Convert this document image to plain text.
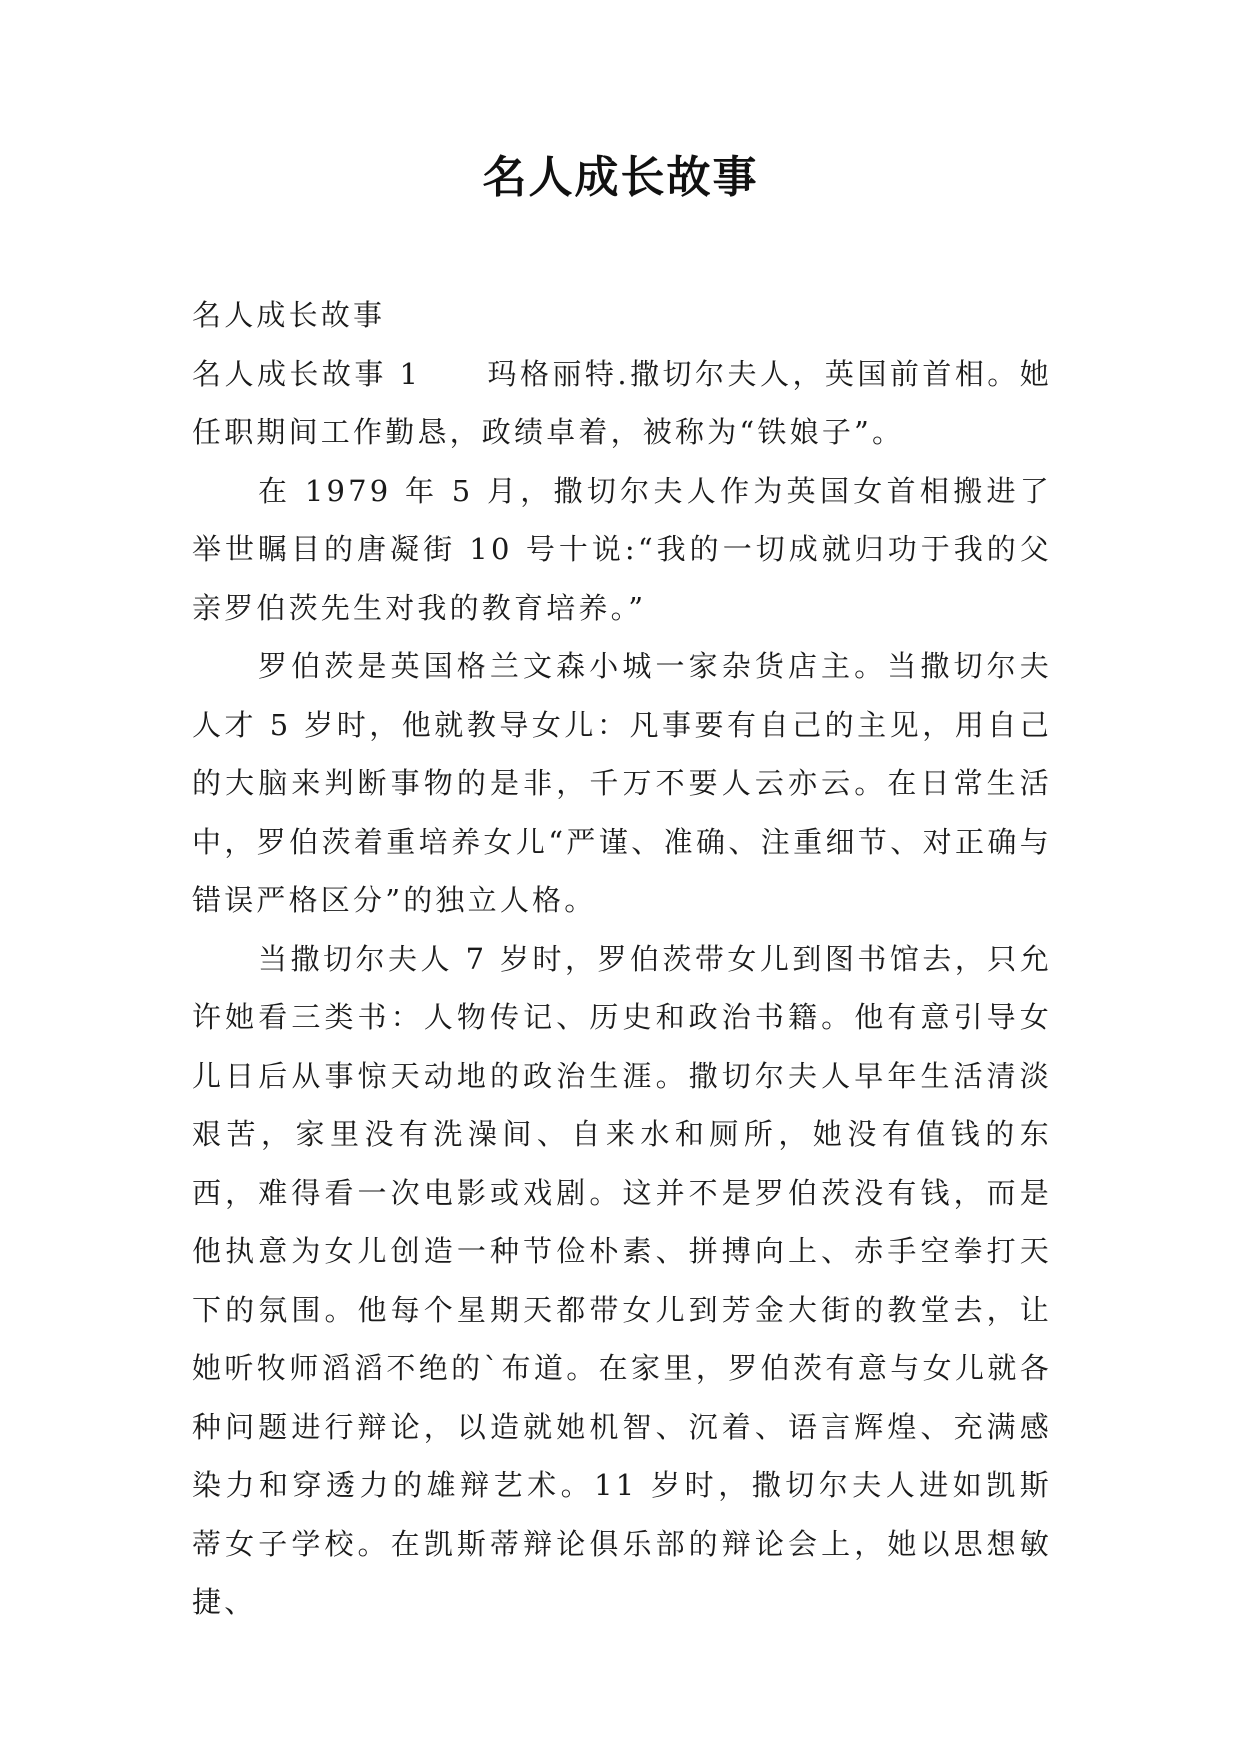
名人成长故事

名人成长故事

名人成长故事 1 玛格丽特.撒切尔夫人，英国前首相。她任职期间工作勤恳，政绩卓着，被称为“铁娘子”。

在 1979 年 5 月，撒切尔夫人作为英国女首相搬进了举世瞩目的唐凝街 10 号十说:“我的一切成就归功于我的父亲罗伯茨先生对我的教育培养。”

罗伯茨是英国格兰文森小城一家杂货店主。当撒切尔夫人才 5 岁时，他就教导女儿：凡事要有自己的主见，用自己的大脑来判断事物的是非，千万不要人云亦云。在日常生活中，罗伯茨着重培养女儿“严谨、准确、注重细节、对正确与错误严格区分”的独立人格。

当撒切尔夫人 7 岁时，罗伯茨带女儿到图书馆去，只允许她看三类书：人物传记、历史和政治书籍。他有意引导女儿日后从事惊天动地的政治生涯。撒切尔夫人早年生活清淡艰苦，家里没有洗澡间、自来水和厕所，她没有值钱的东西，难得看一次电影或戏剧。这并不是罗伯茨没有钱，而是他执意为女儿创造一种节俭朴素、拼搏向上、赤手空拳打天下的氛围。他每个星期天都带女儿到芳金大街的教堂去，让她听牧师滔滔不绝的`布道。在家里，罗伯茨有意与女儿就各种问题进行辩论，以造就她机智、沉着、语言辉煌、充满感染力和穿透力的雄辩艺术。11 岁时，撒切尔夫人进如凯斯蒂女子学校。在凯斯蒂辩论俱乐部的辩论会上，她以思想敏捷、
